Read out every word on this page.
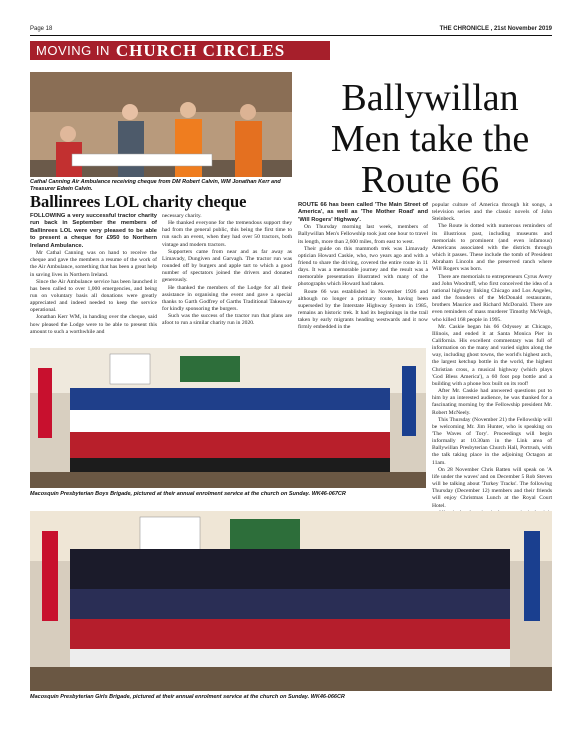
Page 18	THE CHRONICLE , 21st November 2019
MOVING IN CHURCH CIRCLES
Cathal Canning Air Ambulance receiving cheque from DM Robert Calvin, WM Jonathan Kerr and Treasurer Edwin Calvin.
Ballywillan
Men take the
Route 66
Ballinrees LOL charity cheque

FOLLOWING a very successful tractor charity run back in September the members of Ballinrees LOL were very pleased to be able to present a cheque for £950 to Northern Ireland Ambulance.

Mr Cathal Canning was on hand to receive the cheque and gave the members a resume of the work of the Air Ambulance, something that has been a great help in saving lives in Northern Ireland.

Since the Air Ambulance service has been launched it has been called to over 1,000 emergencies, and being run on voluntary basis all donations were greatly appreciated and indeed needed to keep the service operational.

Jonathan Kerr WM, in handing over the cheque, said how pleased the Lodge were to be able to present this amount to such a worthwhile and

necessary charity.

He thanked everyone for the tremendous support they had from the general public, this being the first time to run such an event, when they had over 50 tractors, both vintage and modern tractors.

Supporters came from near and as far away as Limavady, Dungiven and Garvagh. The tractor run was rounded off by burgers and apple tart to which a good number of spectators joined the drivers and donated generously.

He thanked the members of the Lodge for all their assistance in organising the event and gave a special thanks to Garth Godfrey of Garths Traditional Takeaway for kindly sponsoring the burgers.

Such was the success of the tractor run that plans are afoot to run a similar charity run in 2020.

ROUTE 66 has been called 'The Main Street of America', as well as 'The Mother Road' and 'Will Rogers' Highway'.

On Thursday morning last week, members of Ballywillan Men's Fellowship took just one hour to travel its length, more than 2,600 miles, from east to west.

Their guide on this mammoth trek was Limavady optician Howard Caskie, who, two years ago and with a friend to share the driving, covered the entire route in 11 days. It was a memorable journey and the result was a memorable presentation illustrated with many of the photographs which Howard had taken.

Route 66 was established in November 1926 and although no longer a primary route, having been superseded by the Interstate Highway System in 1985, remains an historic trek. It had its beginnings in the trail taken by early migrants heading westwards and it now firmly embedded in the

popular culture of America through hit songs, a television series and the classic novels of John Steinbeck.

The Route is dotted with numerous reminders of its illustrious past, including museums and memorials to prominent (and even infamous) Americans associated with the districts through which it passes. These include the tomb of President Abraham Lincoln and the preserved ranch where Will Rogers was born.

There are memorials to entrepreneurs Cyrus Avery and John Woodruff, who first conceived the idea of a national highway linking Chicago and Los Angeles, and the founders of the McDonald restaurants, brothers Maurice and Richard McDonald. There are even reminders of mass murderer Timothy McVeigh, who killed 168 people in 1995.

Mr. Caskie began his 66 Odyssey at Chicago, Illinois, and ended it at Santa Monica Pier in California. His excellent commentary was full of information on the many and varied sights along the way, including ghost towns, the world's highest arch, the largest ketchup bottle in the world, the highest Christian cross, a musical highway (which plays 'God Bless America'), a 60 foot pop bottle and a building with a phone box built on its roof!

After Mr. Caskie had answered questions put to him by an interested audience, he was thanked for a fascinating morning by the Fellowship president Mr. Robert McNeely.

This Thursday (November 21) the Fellowship will be welcoming Mr. Jim Hunter, who is speaking on 'The Waves of Tory'. Proceedings will begin informally at 10.30am in the Link area of Ballywillan Presbyterian Church Hall, Portrush, with the talk taking place in the adjoining Octagon at 11am.

On 28 November Chris Batten will speak on 'A life under the waves' and on December 5 Rob Steven will be talking about 'Turkey Tracks'. The following Thursday (December 12) members and their friends will enjoy Christmas Lunch at the Royal Court Hotel.

Macosquin Presbyterian Boys Brigade, pictured at their annual enrolment service at the church on Sunday. WK46-067CR
Macosquin Presbyterian Girls Brigade, pictured at their annual enrolment service at the church on Sunday. WK46-066CR
